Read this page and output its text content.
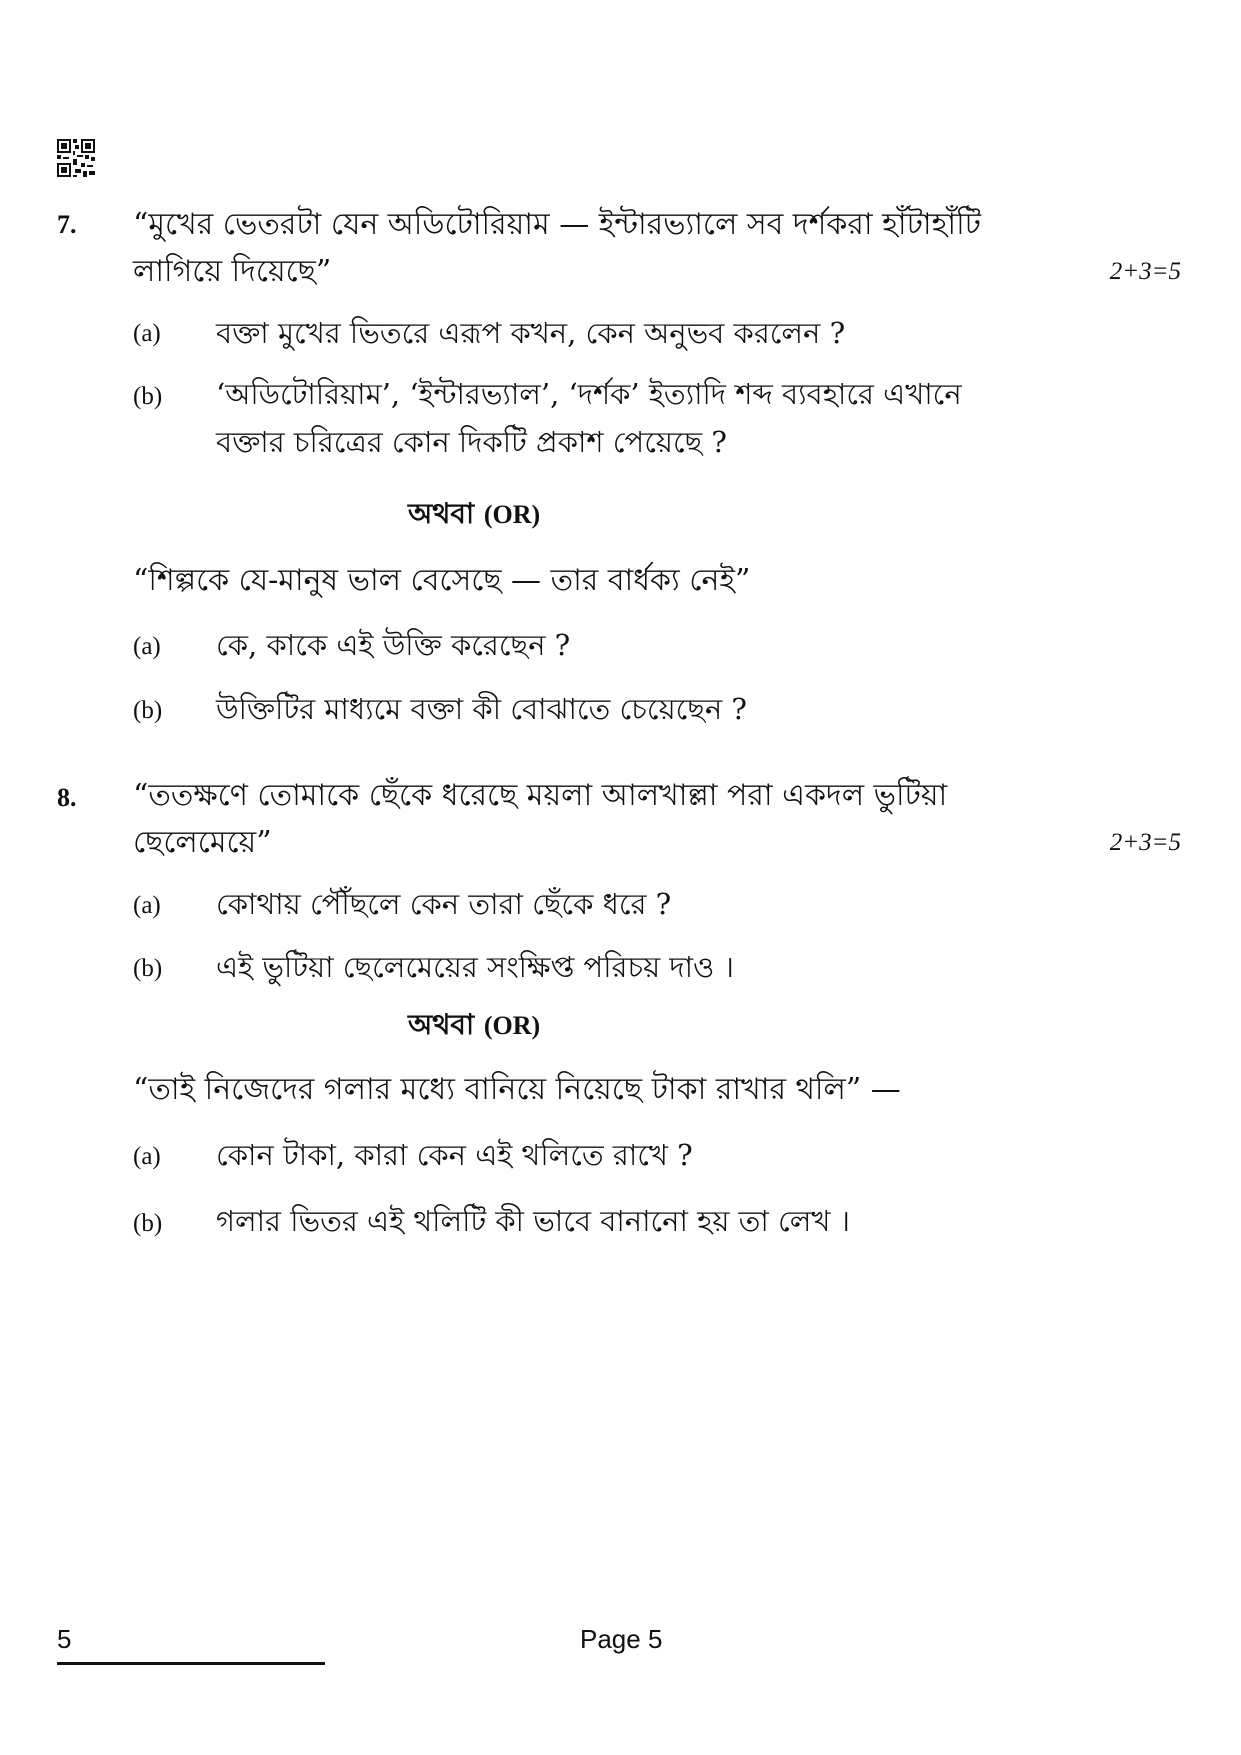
7. “মুখের ভেতরটা যেন অডিটোরিয়াম — ইন্টারভ্যালে সব দর্শকরা হাঁটাহাঁটি
লাগিয়ে দিয়েছে”	2+3=5
(a) বক্তা মুখের ভিতরে এরূপ কখন, কেন অনুভব করলেন ?
(b) ‘অডিটোরিয়াম’, ‘ইন্টারভ্যাল’, ‘দর্শক’ ইত্যাদি শব্দ ব্যবহারে এখানে
বক্তার চরিত্রের কোন দিকটি প্রকাশ পেয়েছে ?
অথবা (OR)
“শিল্পকে যে-মানুষ ভাল বেসেছে — তার বার্ধক্য নেই”
(a) কে, কাকে এই উক্তি করেছেন ?
(b) উক্তিটির মাধ্যমে বক্তা কী বোঝাতে চেয়েছেন ?
8. “ততক্ষণে তোমাকে ছেঁকে ধরেছে ময়লা আলখাল্লা পরা একদল ভুটিয়া
ছেলেমেয়ে”	2+3=5
(a) কোথায় পৌঁছলে কেন তারা ছেঁকে ধরে ?
(b) এই ভুটিয়া ছেলেমেয়ের সংক্ষিপ্ত পরিচয় দাও ।
অথবা (OR)
“তাই নিজেদের গলার মধ্যে বানিয়ে নিয়েছে টাকা রাখার থলি” —
(a) কোন টাকা, কারা কেন এই থলিতে রাখে ?
(b) গলার ভিতর এই থলিটি কী ভাবে বানানো হয় তা লেখ ।
5	Page 5
